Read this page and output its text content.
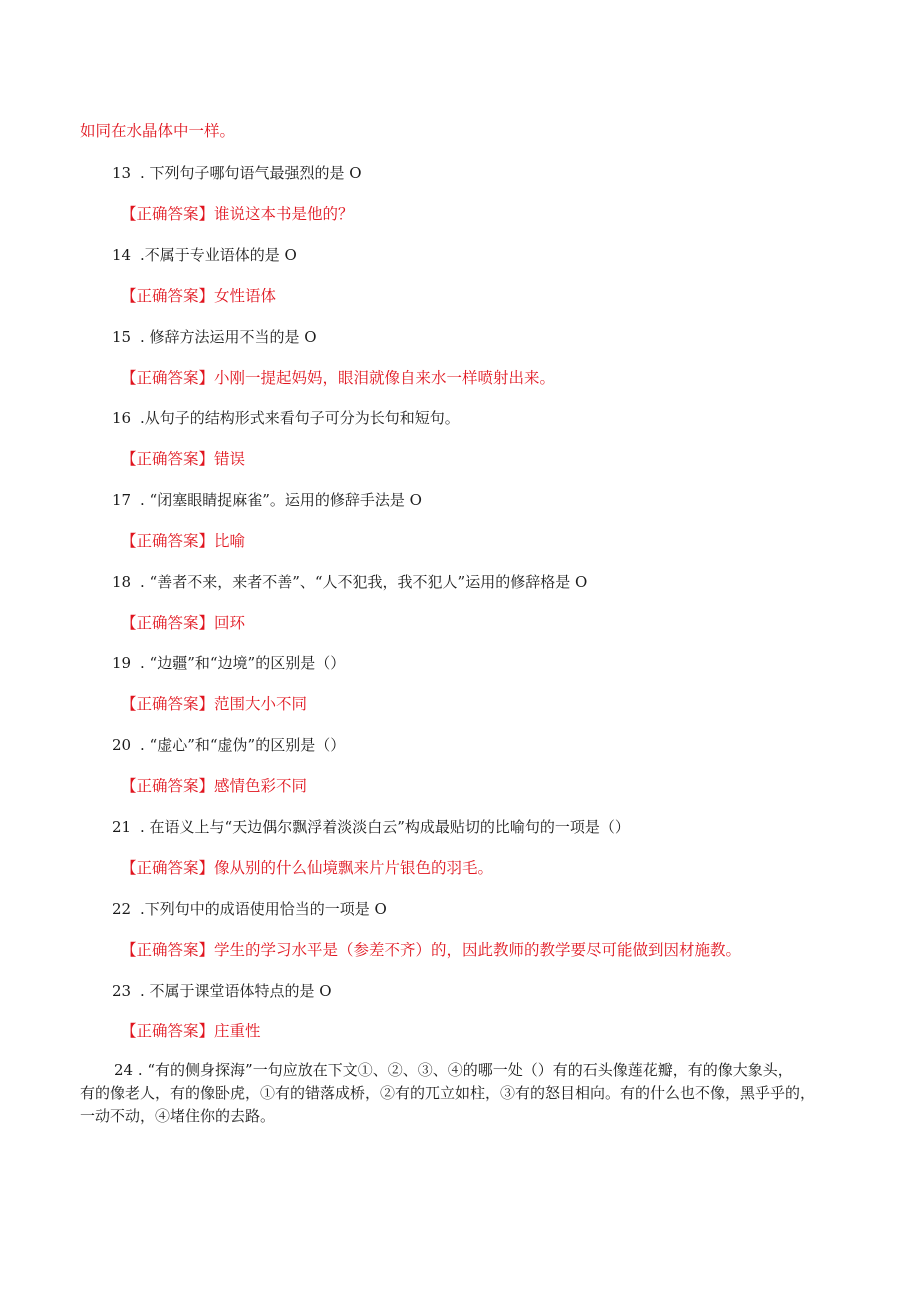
如同在水晶体中一样。
13 . 下列句子哪句语气最强烈的是 O
【正确答案】谁说这本书是他的？
14 .不属于专业语体的是 O
【正确答案】女性语体
15 . 修辞方法运用不当的是 O
【正确答案】小刚一提起妈妈，眼泪就像自来水一样喷射出来。
16 .从句子的结构形式来看句子可分为长句和短句。
【正确答案】错误
17 . “闭塞眼睛捉麻雀”。运用的修辞手法是 O
【正确答案】比喻
18 . “善者不来，来者不善”、“人不犯我，我不犯人”运用的修辞格是 O
【正确答案】回环
19 . “边疆”和“边境”的区别是（）
【正确答案】范围大小不同
20 . “虚心”和“虚伪”的区别是（）
【正确答案】感情色彩不同
21 . 在语义上与“天边偶尔飘浮着淡淡白云”构成最贴切的比喻句的一项是（）
【正确答案】像从别的什么仙境飘来片片银色的羽毛。
22 .下列句中的成语使用恰当的一项是 O
【正确答案】学生的学习水平是（参差不齐）的，因此教师的教学要尽可能做到因材施教。
23 . 不属于课堂语体特点的是 O
【正确答案】庄重性
24 . “有的侧身探海”一句应放在下文①、②、③、④的哪一处（）有的石头像莲花瓣，有的像大象头，
有的像老人，有的像卧虎，①有的错落成桥，②有的兀立如柱，③有的怒目相向。有的什么也不像，黑乎乎的，
一动不动，④堵住你的去路。
